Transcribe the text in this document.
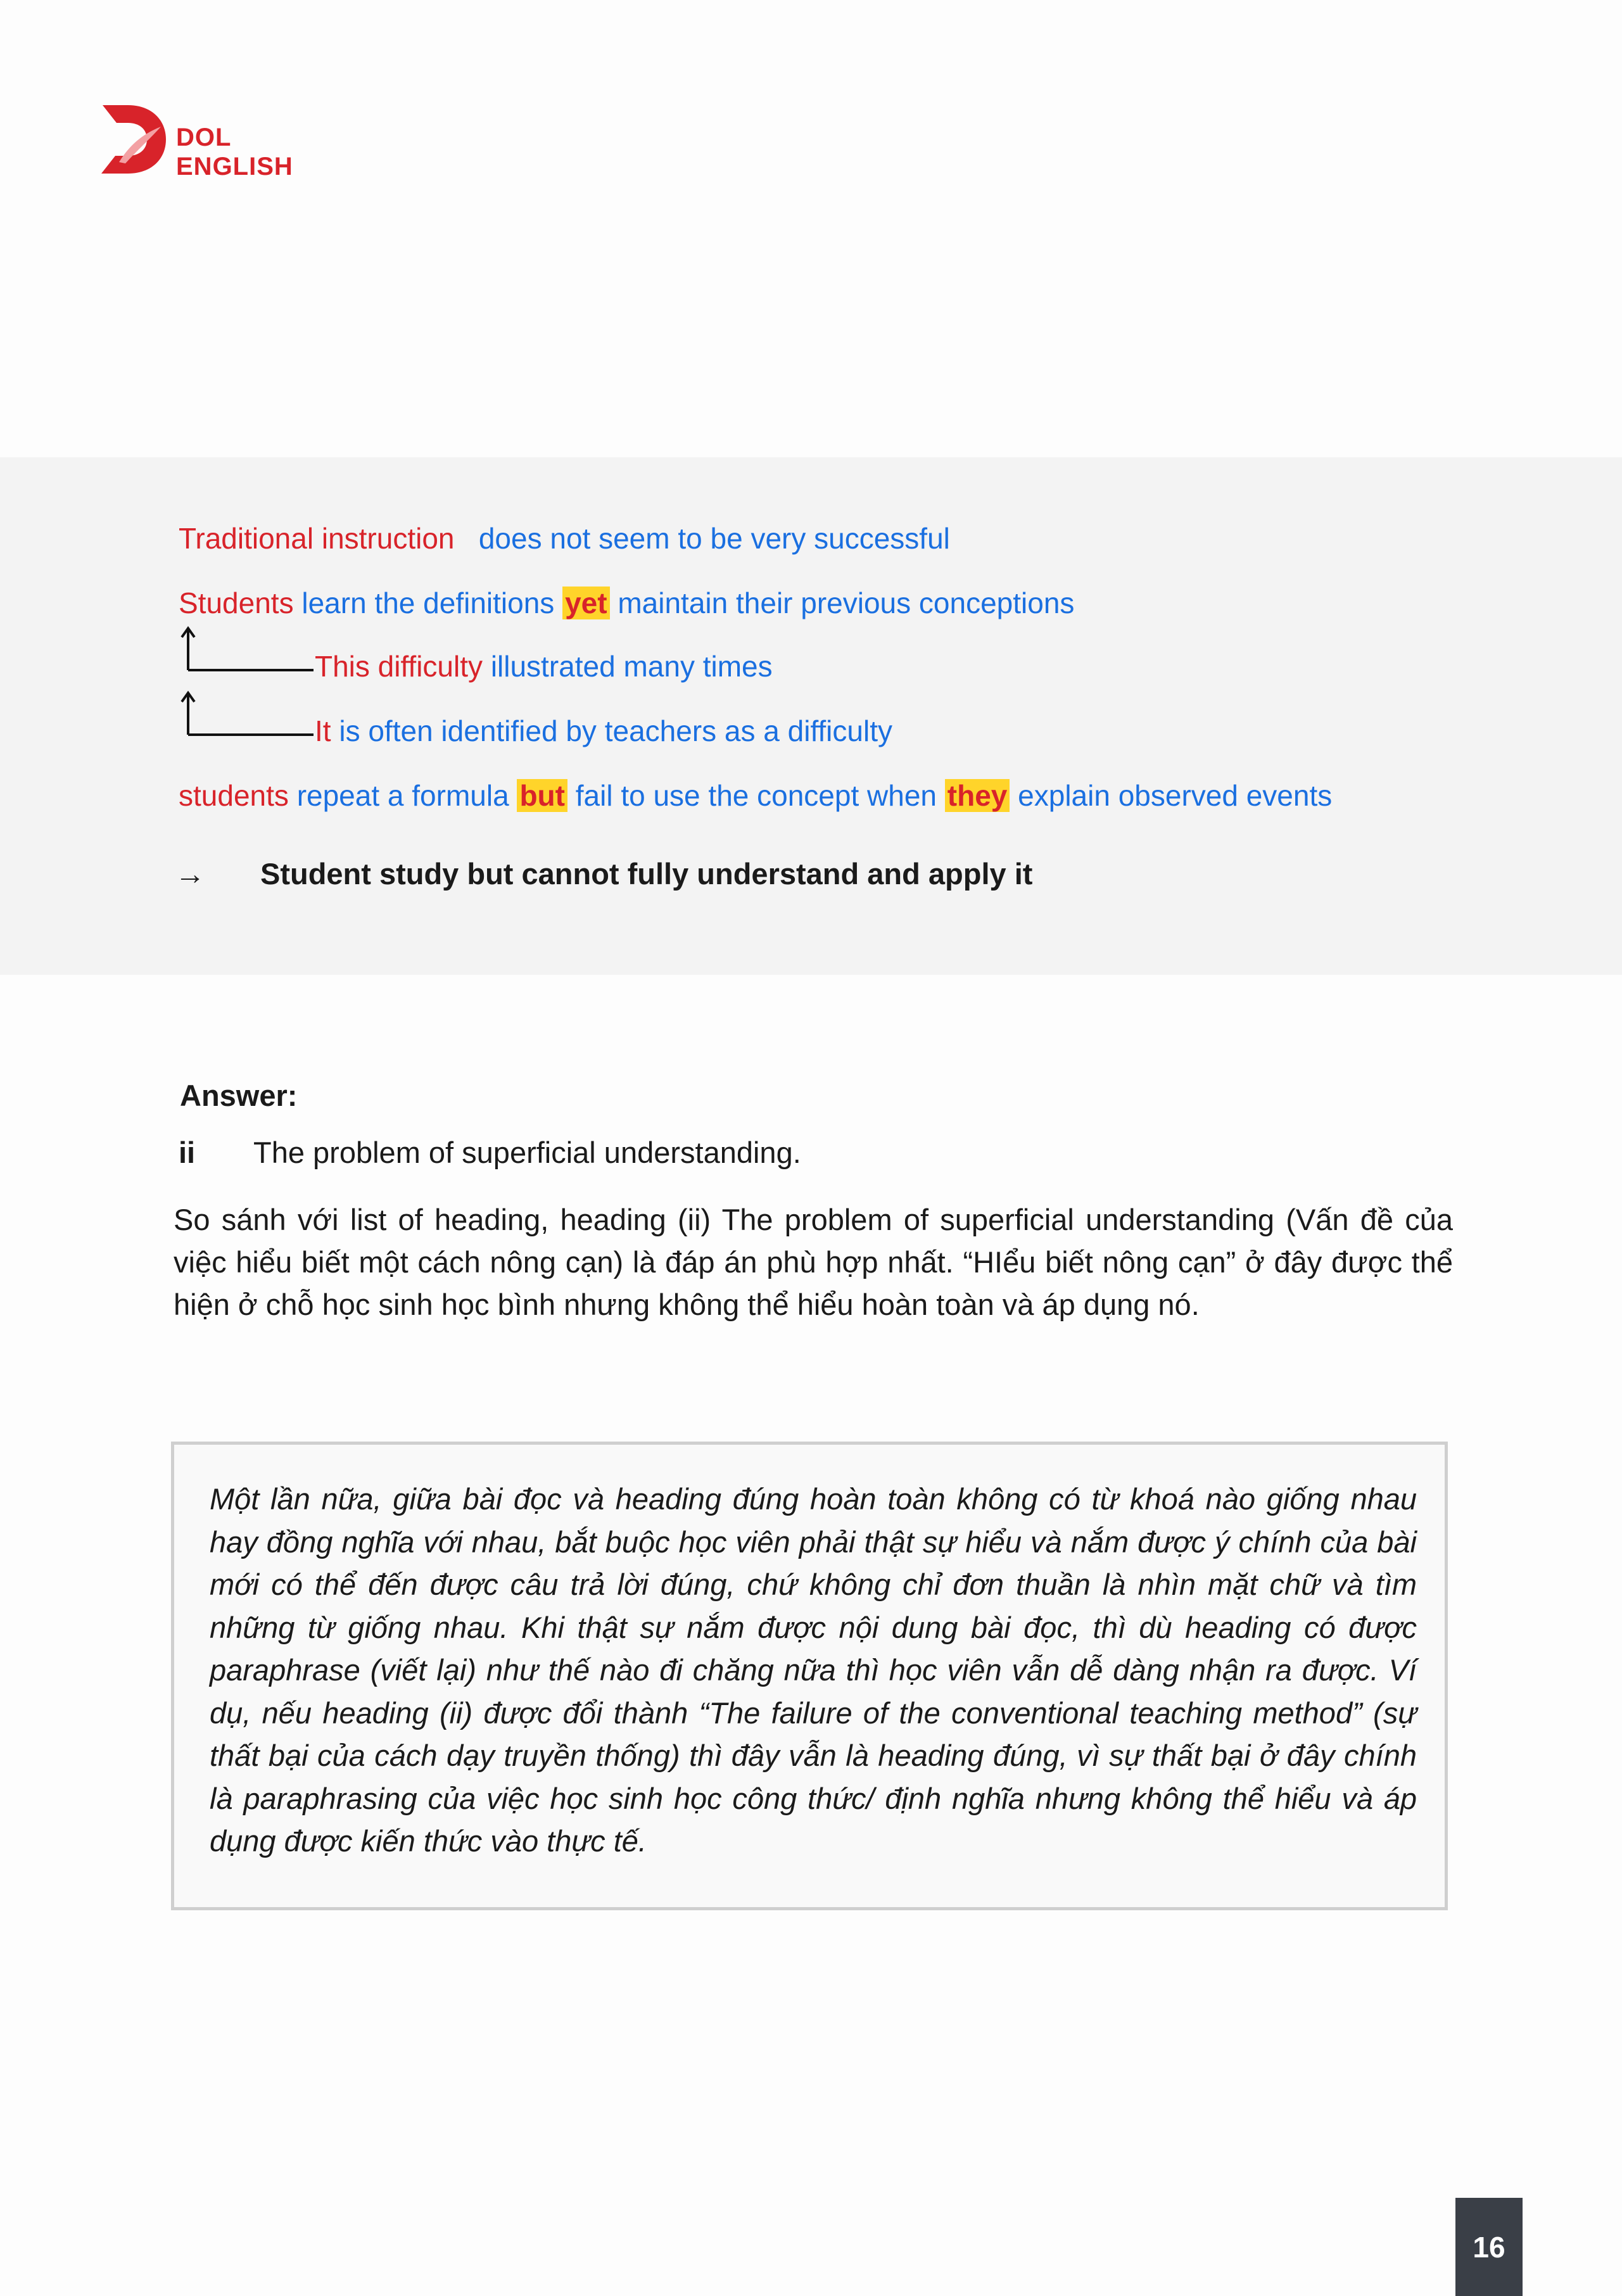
DOL
ENGLISH
Traditional instruction does not seem to be very successful
Students learn the definitions yet maintain their previous conceptions
This difficulty illustrated many times
It is often identified by teachers as a difficulty
students repeat a formula but fail to use the concept when they explain observed events
→ Student study but cannot fully understand and apply it
Answer:
ii The problem of superficial understanding.
So sánh với list of heading, heading (ii) The problem of superficial understanding (Vấn đề của việc hiểu biết một cách nông cạn) là đáp án phù hợp nhất. “HIểu biết nông cạn” ở đây được thể hiện ở chỗ học sinh học bình nhưng không thể hiểu hoàn toàn và áp dụng nó.

Một lần nữa, giữa bài đọc và heading đúng hoàn toàn không có từ khoá nào giống nhau hay đồng nghĩa với nhau, bắt buộc học viên phải thật sự hiểu và nắm được ý chính của bài mới có thể đến được câu trả lời đúng, chứ không chỉ đơn thuần là nhìn mặt chữ và tìm những từ giống nhau. Khi thật sự nắm được nội dung bài đọc, thì dù heading có được paraphrase (viết lại) như thế nào đi chăng nữa thì học viên vẫn dễ dàng nhận ra được. Ví dụ, nếu heading (ii) được đổi thành “The failure of the conventional teaching method” (sự thất bại của cách dạy truyền thống) thì đây vẫn là heading đúng, vì sự thất bại ở đây chính là paraphrasing của việc học sinh học công thức/ định nghĩa nhưng không thể hiểu và áp dụng được kiến thức vào thực tế.

16
